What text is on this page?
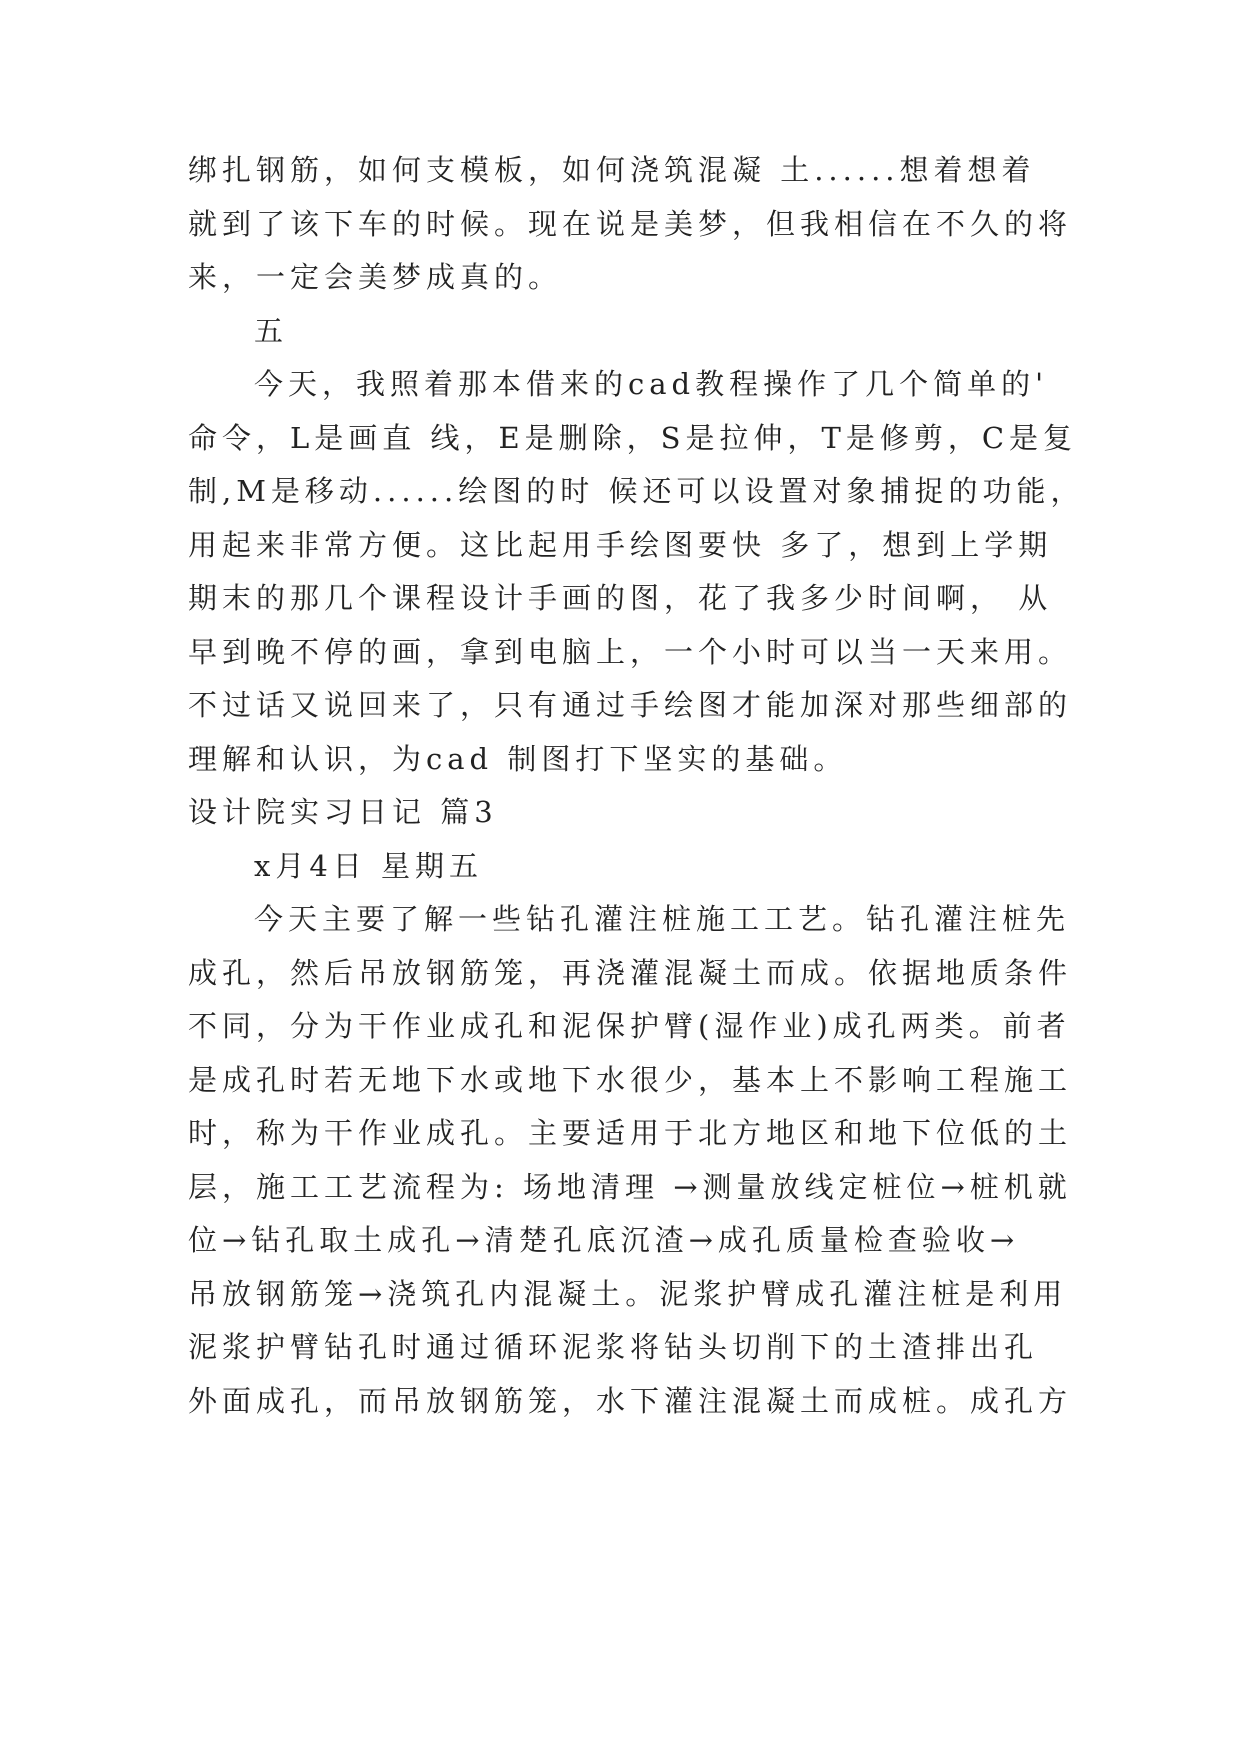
绑扎钢筋，如何支模板，如何浇筑混凝 土......想着想着
就到了该下车的时候。现在说是美梦，但我相信在不久的将
来，一定会美梦成真的。
五
今天，我照着那本借来的cad教程操作了几个简单的'
命令，L是画直 线，E是删除，S是拉伸，T是修剪，C是复
制,M是移动......绘图的时 候还可以设置对象捕捉的功能，
用起来非常方便。这比起用手绘图要快 多了，想到上学期
期末的那几个课程设计手画的图，花了我多少时间啊， 从
早到晚不停的画，拿到电脑上，一个小时可以当一天来用。
不过话又说回来了，只有通过手绘图才能加深对那些细部的
理解和认识，为cad 制图打下坚实的基础。
设计院实习日记 篇3
x月4日 星期五
今天主要了解一些钻孔灌注桩施工工艺。钻孔灌注桩先
成孔，然后吊放钢筋笼，再浇灌混凝土而成。依据地质条件
不同，分为干作业成孔和泥保护臂(湿作业)成孔两类。前者
是成孔时若无地下水或地下水很少，基本上不影响工程施工
时，称为干作业成孔。主要适用于北方地区和地下位低的土
层，施工工艺流程为: 场地清理 →测量放线定桩位→桩机就
位→钻孔取土成孔→清楚孔底沉渣→成孔质量检查验收→
吊放钢筋笼→浇筑孔内混凝土。泥浆护臂成孔灌注桩是利用
泥浆护臂钻孔时通过循环泥浆将钻头切削下的土渣排出孔
外面成孔，而吊放钢筋笼，水下灌注混凝土而成桩。成孔方
